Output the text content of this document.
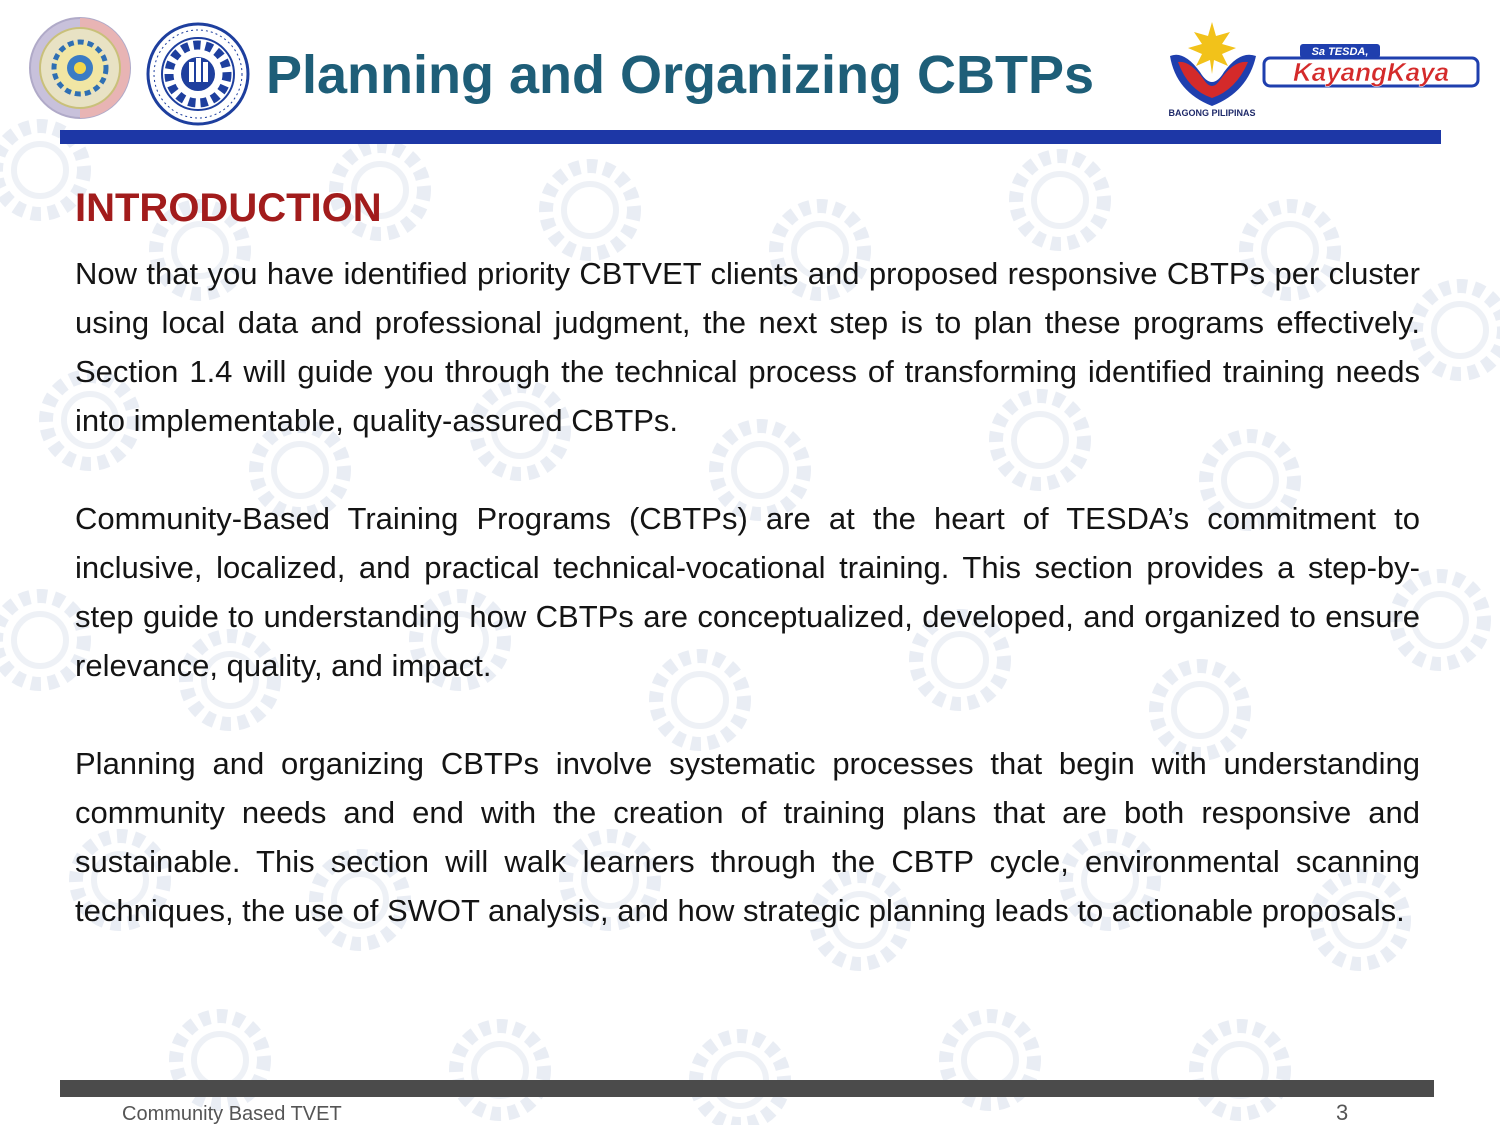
Planning and Organizing CBTPs
BAGONG PILIPINAS
Sa TESDA,
KayangKaya
INTRODUCTION

Now that you have identified priority CBTVET clients and proposed responsive CBTPs per cluster using local data and professional judgment, the next step is to plan these programs effectively. Section 1.4 will guide you through the technical process of transforming identified training needs into implementable, quality-assured CBTPs.

Community-Based Training Programs (CBTPs) are at the heart of TESDA’s commitment to inclusive, localized, and practical technical-vocational training. This section provides a step-by-step guide to understanding how CBTPs are conceptualized, developed, and organized to ensure relevance, quality, and impact.

Planning and organizing CBTPs involve systematic processes that begin with understanding community needs and end with the creation of training plans that are both responsive and sustainable. This section will walk learners through the CBTP cycle, environmental scanning techniques, the use of SWOT analysis, and how strategic planning leads to actionable proposals.

Community Based TVET	3
